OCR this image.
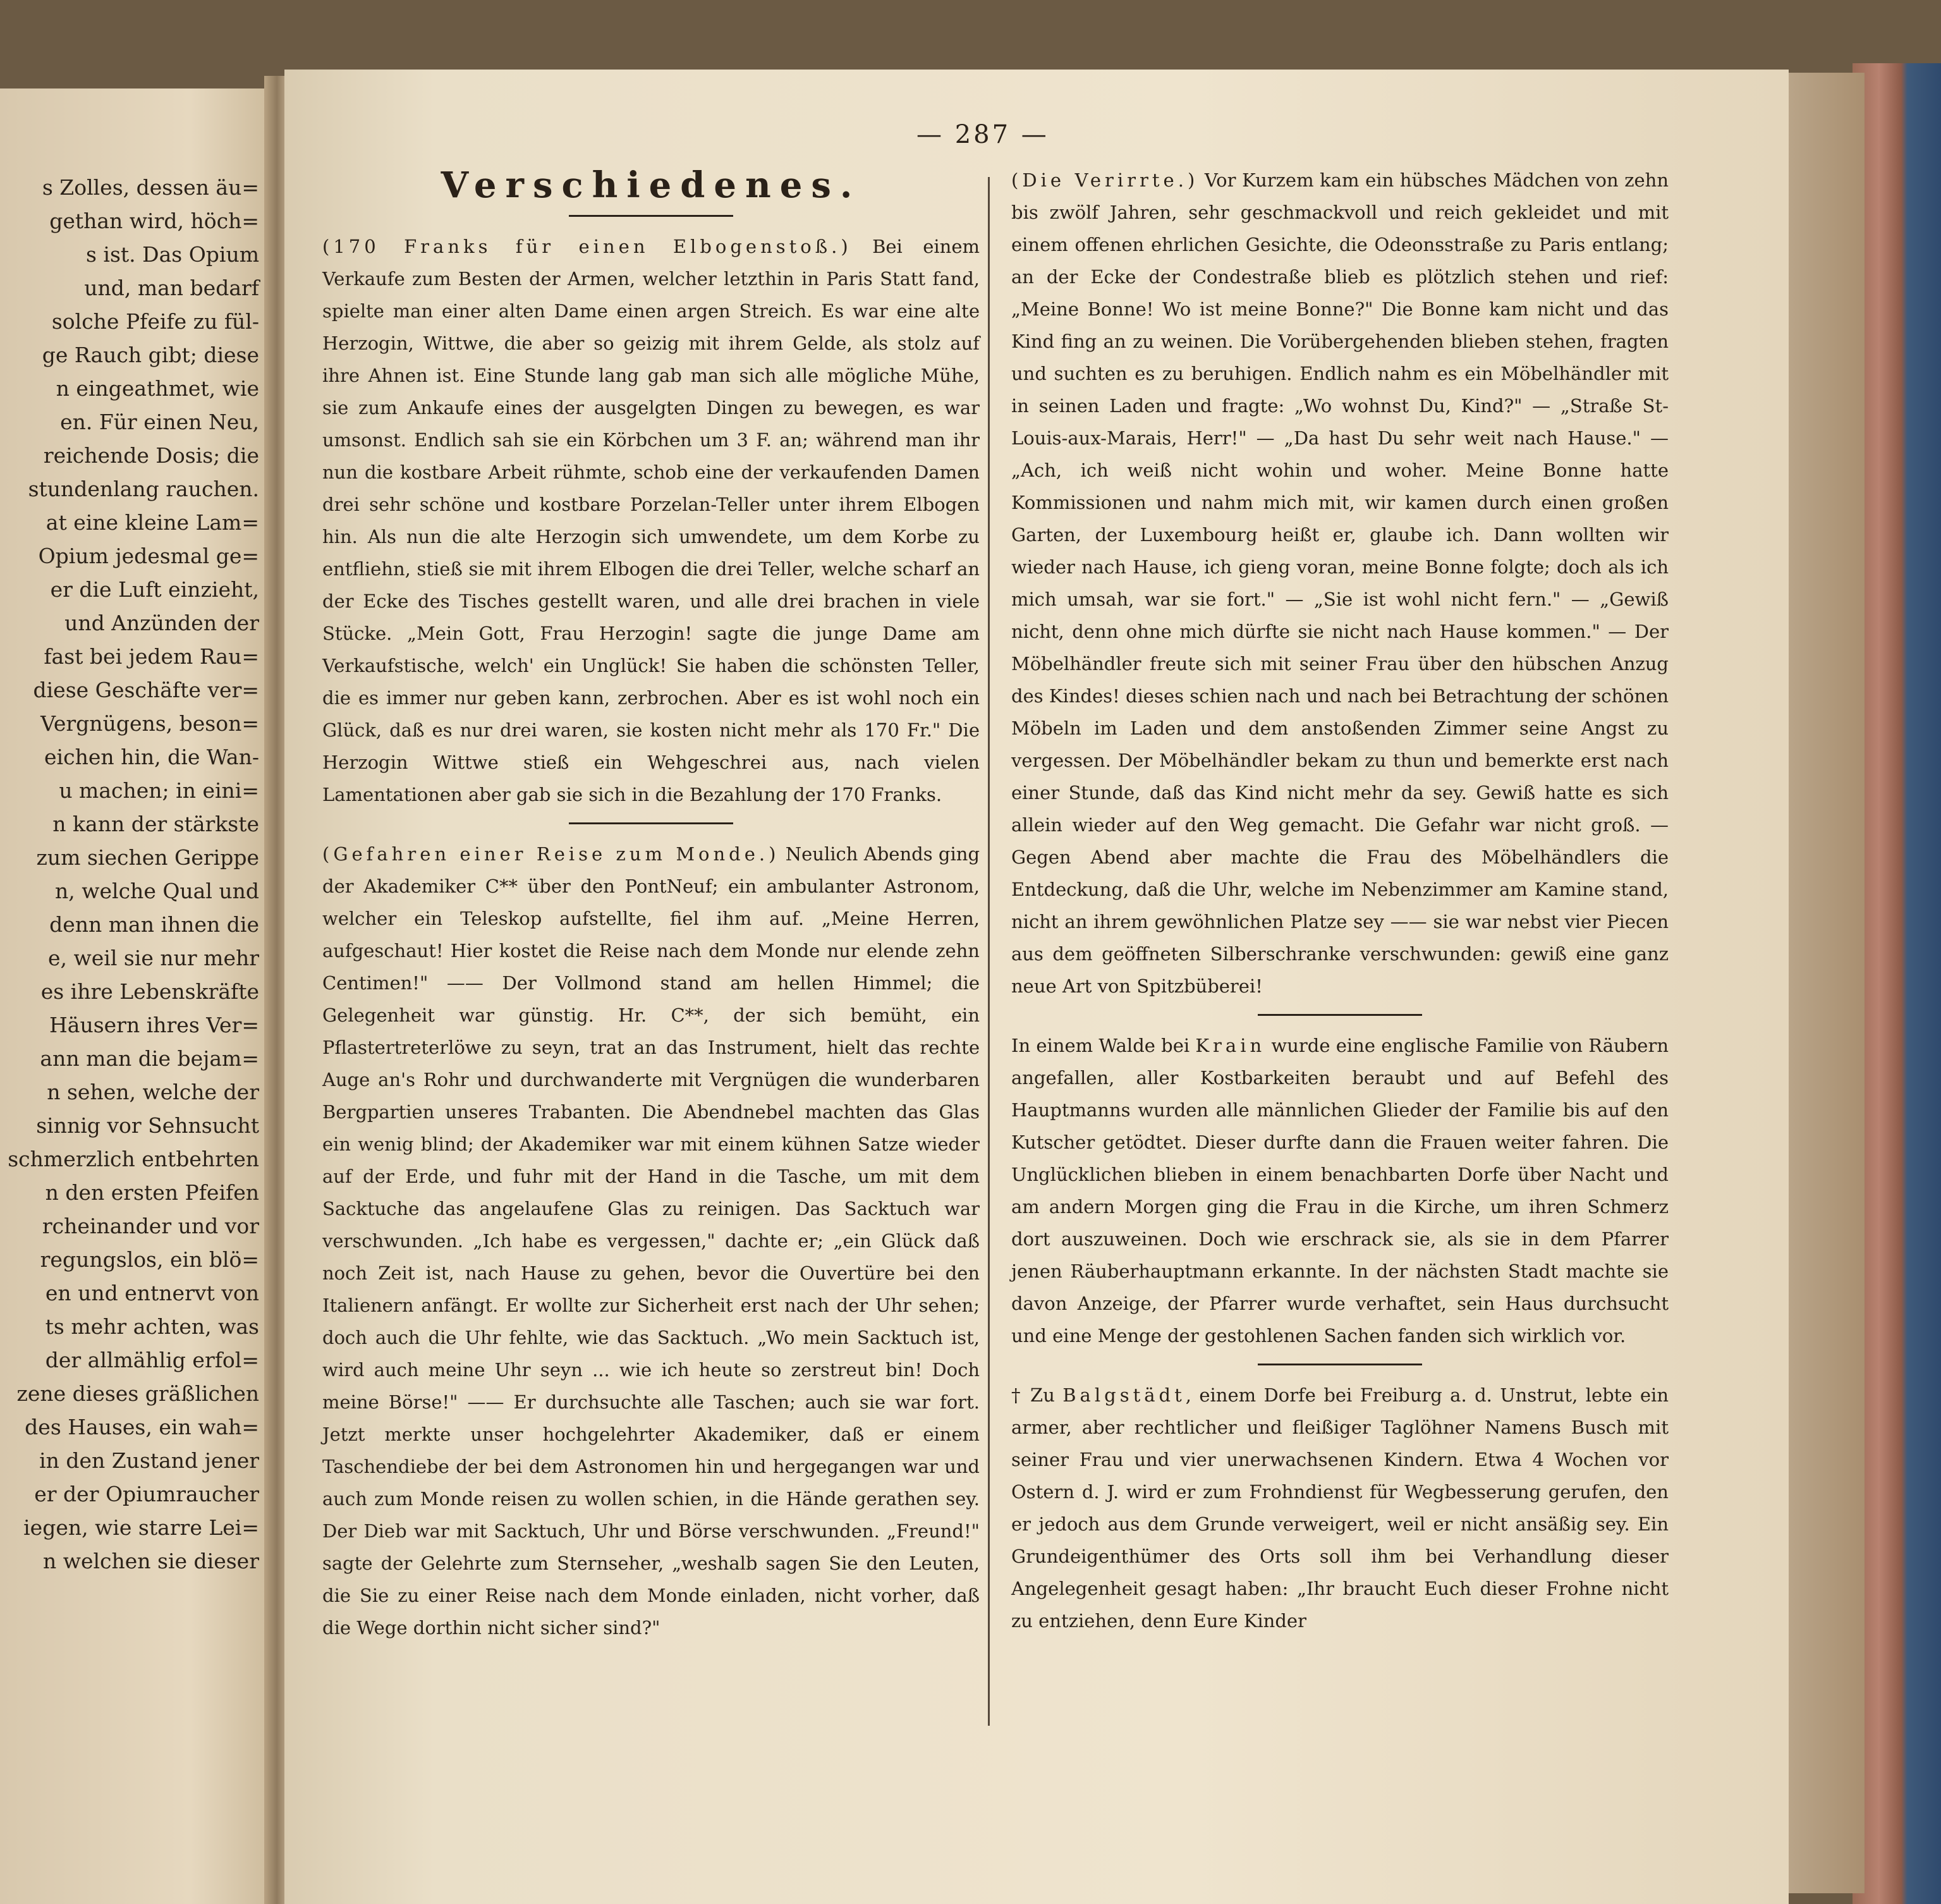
s Zolles, dessen äu=
gethan wird, höch=
s ist. Das Opium
und, man bedarf
solche Pfeife zu fül-
ge Rauch gibt; diese
n eingeathmet, wie
en. Für einen Neu,
reichende Dosis; die
stundenlang rauchen.
at eine kleine Lam=
Opium jedesmal ge=
er die Luft einzieht,
und Anzünden der
fast bei jedem Rau=
diese Geschäfte ver=
Vergnügens, beson=
eichen hin, die Wan-
u machen; in eini=
n kann der stärkste
zum siechen Gerippe
n, welche Qual und
denn man ihnen die
e, weil sie nur mehr
es ihre Lebenskräfte
Häusern ihres Ver=
ann man die bejam=
n sehen, welche der
sinnig vor Sehnsucht
schmerzlich entbehrten
n den ersten Pfeifen
rcheinander und vor
regungslos, ein blö=
en und entnervt von
ts mehr achten, was
der allmählig erfol=
zene dieses gräßlichen
des Hauses, ein wah=
in den Zustand jener
er der Opiumraucher
iegen, wie starre Lei=
n welchen sie dieser
— 287 —
Verschiedenes.

(170 Franks für einen Elbogenstoß.) Bei einem Verkaufe zum Besten der Armen, welcher letzthin in Paris Statt fand, spielte man einer alten Dame einen argen Streich. Es war eine alte Herzogin, Wittwe, die aber so geizig mit ihrem Gelde, als stolz auf ihre Ahnen ist. Eine Stunde lang gab man sich alle mögliche Mühe, sie zum Ankaufe eines der ausgelgten Dingen zu bewegen, es war umsonst. Endlich sah sie ein Körbchen um 3 F. an; während man ihr nun die kostbare Arbeit rühmte, schob eine der verkaufenden Damen drei sehr schöne und kostbare Porzelan-Teller unter ihrem Elbogen hin. Als nun die alte Herzogin sich umwendete, um dem Korbe zu entfliehn, stieß sie mit ihrem Elbogen die drei Teller, welche scharf an der Ecke des Tisches gestellt waren, und alle drei brachen in viele Stücke. „Mein Gott, Frau Herzogin! sagte die junge Dame am Verkaufstische, welch' ein Unglück! Sie haben die schönsten Teller, die es immer nur geben kann, zerbrochen. Aber es ist wohl noch ein Glück, daß es nur drei waren, sie kosten nicht mehr als 170 Fr." Die Herzogin Wittwe stieß ein Wehgeschrei aus, nach vielen Lamentationen aber gab sie sich in die Bezahlung der 170 Franks.

(Gefahren einer Reise zum Monde.) Neulich Abends ging der Akademiker C** über den PontNeuf; ein ambulanter Astronom, welcher ein Teleskop aufstellte, fiel ihm auf. „Meine Herren, aufgeschaut! Hier kostet die Reise nach dem Monde nur elende zehn Centimen!" —— Der Vollmond stand am hellen Himmel; die Gelegenheit war günstig. Hr. C**, der sich bemüht, ein Pflastertreterlöwe zu seyn, trat an das Instrument, hielt das rechte Auge an's Rohr und durchwanderte mit Vergnügen die wunderbaren Bergpartien unseres Trabanten. Die Abendnebel machten das Glas ein wenig blind; der Akademiker war mit einem kühnen Satze wieder auf der Erde, und fuhr mit der Hand in die Tasche, um mit dem Sacktuche das angelaufene Glas zu reinigen. Das Sacktuch war verschwunden. „Ich habe es vergessen," dachte er; „ein Glück daß noch Zeit ist, nach Hause zu gehen, bevor die Ouvertüre bei den Italienern anfängt. Er wollte zur Sicherheit erst nach der Uhr sehen; doch auch die Uhr fehlte, wie das Sacktuch. „Wo mein Sacktuch ist, wird auch meine Uhr seyn ... wie ich heute so zerstreut bin! Doch meine Börse!" —— Er durchsuchte alle Taschen; auch sie war fort. Jetzt merkte unser hochgelehrter Akademiker, daß er einem Taschendiebe der bei dem Astronomen hin und hergegangen war und auch zum Monde reisen zu wollen schien, in die Hände gerathen sey. Der Dieb war mit Sacktuch, Uhr und Börse verschwunden. „Freund!" sagte der Gelehrte zum Sternseher, „weshalb sagen Sie den Leuten, die Sie zu einer Reise nach dem Monde einladen, nicht vorher, daß die Wege dorthin nicht sicher sind?"

(Die Verirrte.) Vor Kurzem kam ein hübsches Mädchen von zehn bis zwölf Jahren, sehr geschmackvoll und reich gekleidet und mit einem offenen ehrlichen Gesichte, die Odeonsstraße zu Paris entlang; an der Ecke der Condestraße blieb es plötzlich stehen und rief: „Meine Bonne! Wo ist meine Bonne?" Die Bonne kam nicht und das Kind fing an zu weinen. Die Vorübergehenden blieben stehen, fragten und suchten es zu beruhigen. Endlich nahm es ein Möbelhändler mit in seinen Laden und fragte: „Wo wohnst Du, Kind?" — „Straße St-Louis-aux-Marais, Herr!" — „Da hast Du sehr weit nach Hause." — „Ach, ich weiß nicht wohin und woher. Meine Bonne hatte Kommissionen und nahm mich mit, wir kamen durch einen großen Garten, der Luxembourg heißt er, glaube ich. Dann wollten wir wieder nach Hause, ich gieng voran, meine Bonne folgte; doch als ich mich umsah, war sie fort." — „Sie ist wohl nicht fern." — „Gewiß nicht, denn ohne mich dürfte sie nicht nach Hause kommen." — Der Möbelhändler freute sich mit seiner Frau über den hübschen Anzug des Kindes! dieses schien nach und nach bei Betrachtung der schönen Möbeln im Laden und dem anstoßenden Zimmer seine Angst zu vergessen. Der Möbelhändler bekam zu thun und bemerkte erst nach einer Stunde, daß das Kind nicht mehr da sey. Gewiß hatte es sich allein wieder auf den Weg gemacht. Die Gefahr war nicht groß. — Gegen Abend aber machte die Frau des Möbelhändlers die Entdeckung, daß die Uhr, welche im Nebenzimmer am Kamine stand, nicht an ihrem gewöhnlichen Platze sey —— sie war nebst vier Piecen aus dem geöffneten Silberschranke verschwunden: gewiß eine ganz neue Art von Spitzbüberei!

In einem Walde bei Krain wurde eine englische Familie von Räubern angefallen, aller Kostbarkeiten beraubt und auf Befehl des Hauptmanns wurden alle männlichen Glieder der Familie bis auf den Kutscher getödtet. Dieser durfte dann die Frauen weiter fahren. Die Unglücklichen blieben in einem benachbarten Dorfe über Nacht und am andern Morgen ging die Frau in die Kirche, um ihren Schmerz dort auszuweinen. Doch wie erschrack sie, als sie in dem Pfarrer jenen Räuberhauptmann erkannte. In der nächsten Stadt machte sie davon Anzeige, der Pfarrer wurde verhaftet, sein Haus durchsucht und eine Menge der gestohlenen Sachen fanden sich wirklich vor.

† Zu Balgstädt, einem Dorfe bei Freiburg a. d. Unstrut, lebte ein armer, aber rechtlicher und fleißiger Taglöhner Namens Busch mit seiner Frau und vier unerwachsenen Kindern. Etwa 4 Wochen vor Ostern d. J. wird er zum Frohndienst für Wegbesserung gerufen, den er jedoch aus dem Grunde verweigert, weil er nicht ansäßig sey. Ein Grundeigenthümer des Orts soll ihm bei Verhandlung dieser Angelegenheit gesagt haben: „Ihr braucht Euch dieser Frohne nicht zu entziehen, denn Eure Kinder
